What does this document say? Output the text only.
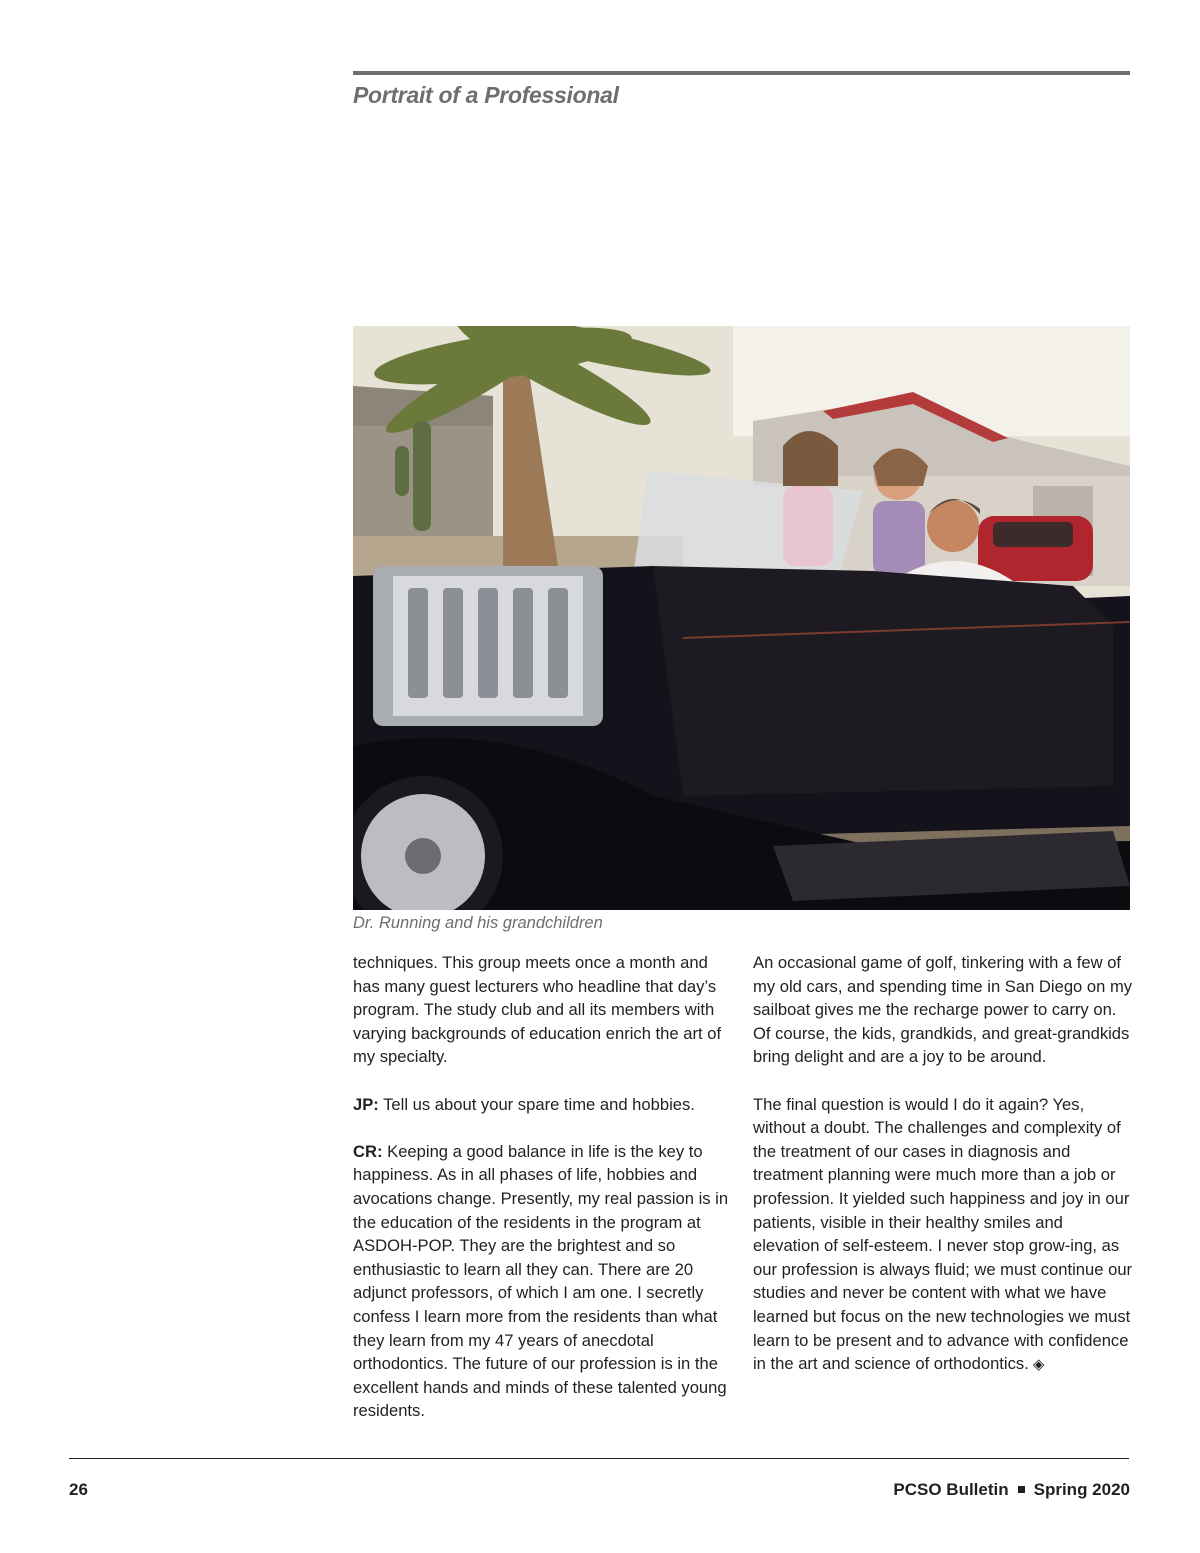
Portrait of a Professional
Dr. Running and his grandchildren

techniques. This group meets once a month and has many guest lecturers who headline that day’s program. The study club and all its members with varying backgrounds of education enrich the art of my specialty.

JP: Tell us about your spare time and hobbies.

CR: Keeping a good balance in life is the key to happiness. As in all phases of life, hobbies and avocations change. Presently, my real passion is in the education of the residents in the program at ASDOH-POP. They are the brightest and so enthusiastic to learn all they can. There are 20 adjunct professors, of which I am one. I secretly confess I learn more from the residents than what they learn from my 47 years of anecdotal orthodontics. The future of our profession is in the excellent hands and minds of these talented young residents.

An occasional game of golf, tinkering with a few of my old cars, and spending time in San Diego on my sailboat gives me the recharge power to carry on. Of course, the kids, grandkids, and great-grandkids bring delight and are a joy to be around.

The final question is would I do it again? Yes, without a doubt. The challenges and complexity of the treatment of our cases in diagnosis and treatment planning were much more than a job or profession. It yielded such happiness and joy in our patients, visible in their healthy smiles and elevation of self-esteem. I never stop grow-ing, as our profession is always fluid; we must continue our studies and never be content with what we have learned but focus on the new technologies we must learn to be present and to advance with confidence in the art and science of orthodontics. ◈

26	PCSO Bulletin Spring 2020
